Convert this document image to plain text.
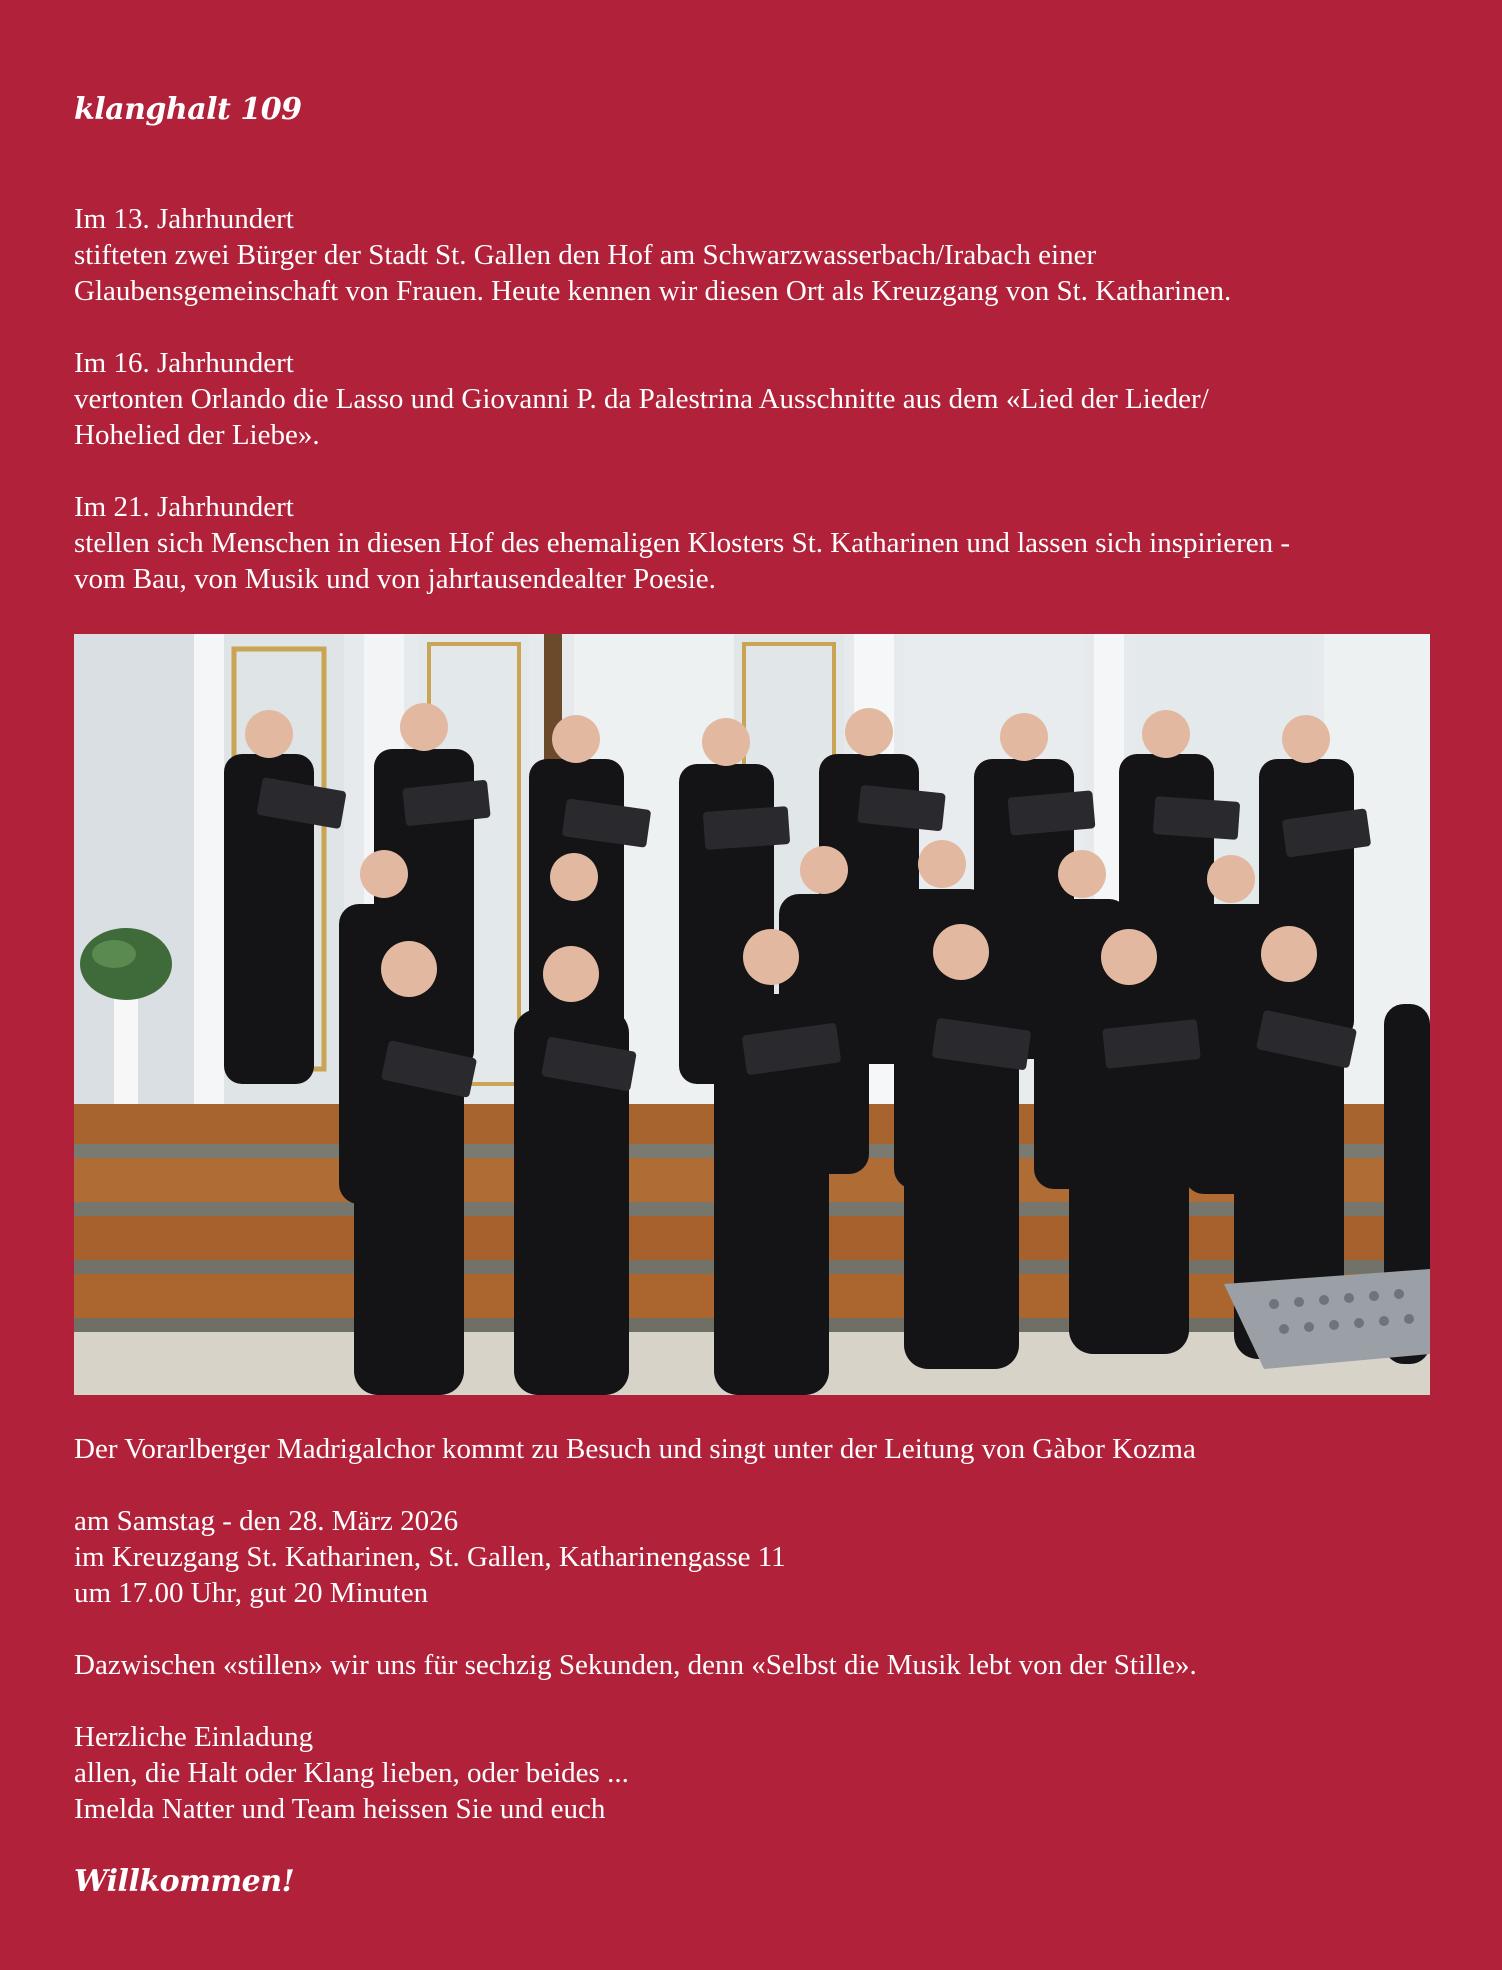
klanghalt 109

Im 13. Jahrhundert

stifteten zwei Bürger der Stadt St. Gallen den Hof am Schwarzwasserbach/Irabach einer

Glaubensgemeinschaft von Frauen. Heute kennen wir diesen Ort als Kreuzgang von St. Katharinen.

Im 16. Jahrhundert

vertonten Orlando die Lasso und Giovanni P. da Palestrina Ausschnitte aus dem «Lied der Lieder/

Hohelied der Liebe».

Im 21. Jahrhundert

stellen sich Menschen in diesen Hof des ehemaligen Klosters St. Katharinen und lassen sich inspirieren -

vom Bau, von Musik und von jahrtausendealter Poesie.

Der Vorarlberger Madrigalchor kommt zu Besuch und singt unter der Leitung von Gàbor Kozma

am Samstag - den 28. März 2026

im Kreuzgang St. Katharinen, St. Gallen, Katharinengasse 11

um 17.00 Uhr, gut 20 Minuten

Dazwischen «stillen» wir uns für sechzig Sekunden, denn «Selbst die Musik lebt von der Stille».

Herzliche Einladung

allen, die Halt oder Klang lieben, oder beides ...

Imelda Natter und Team heissen Sie und euch

Willkommen!
